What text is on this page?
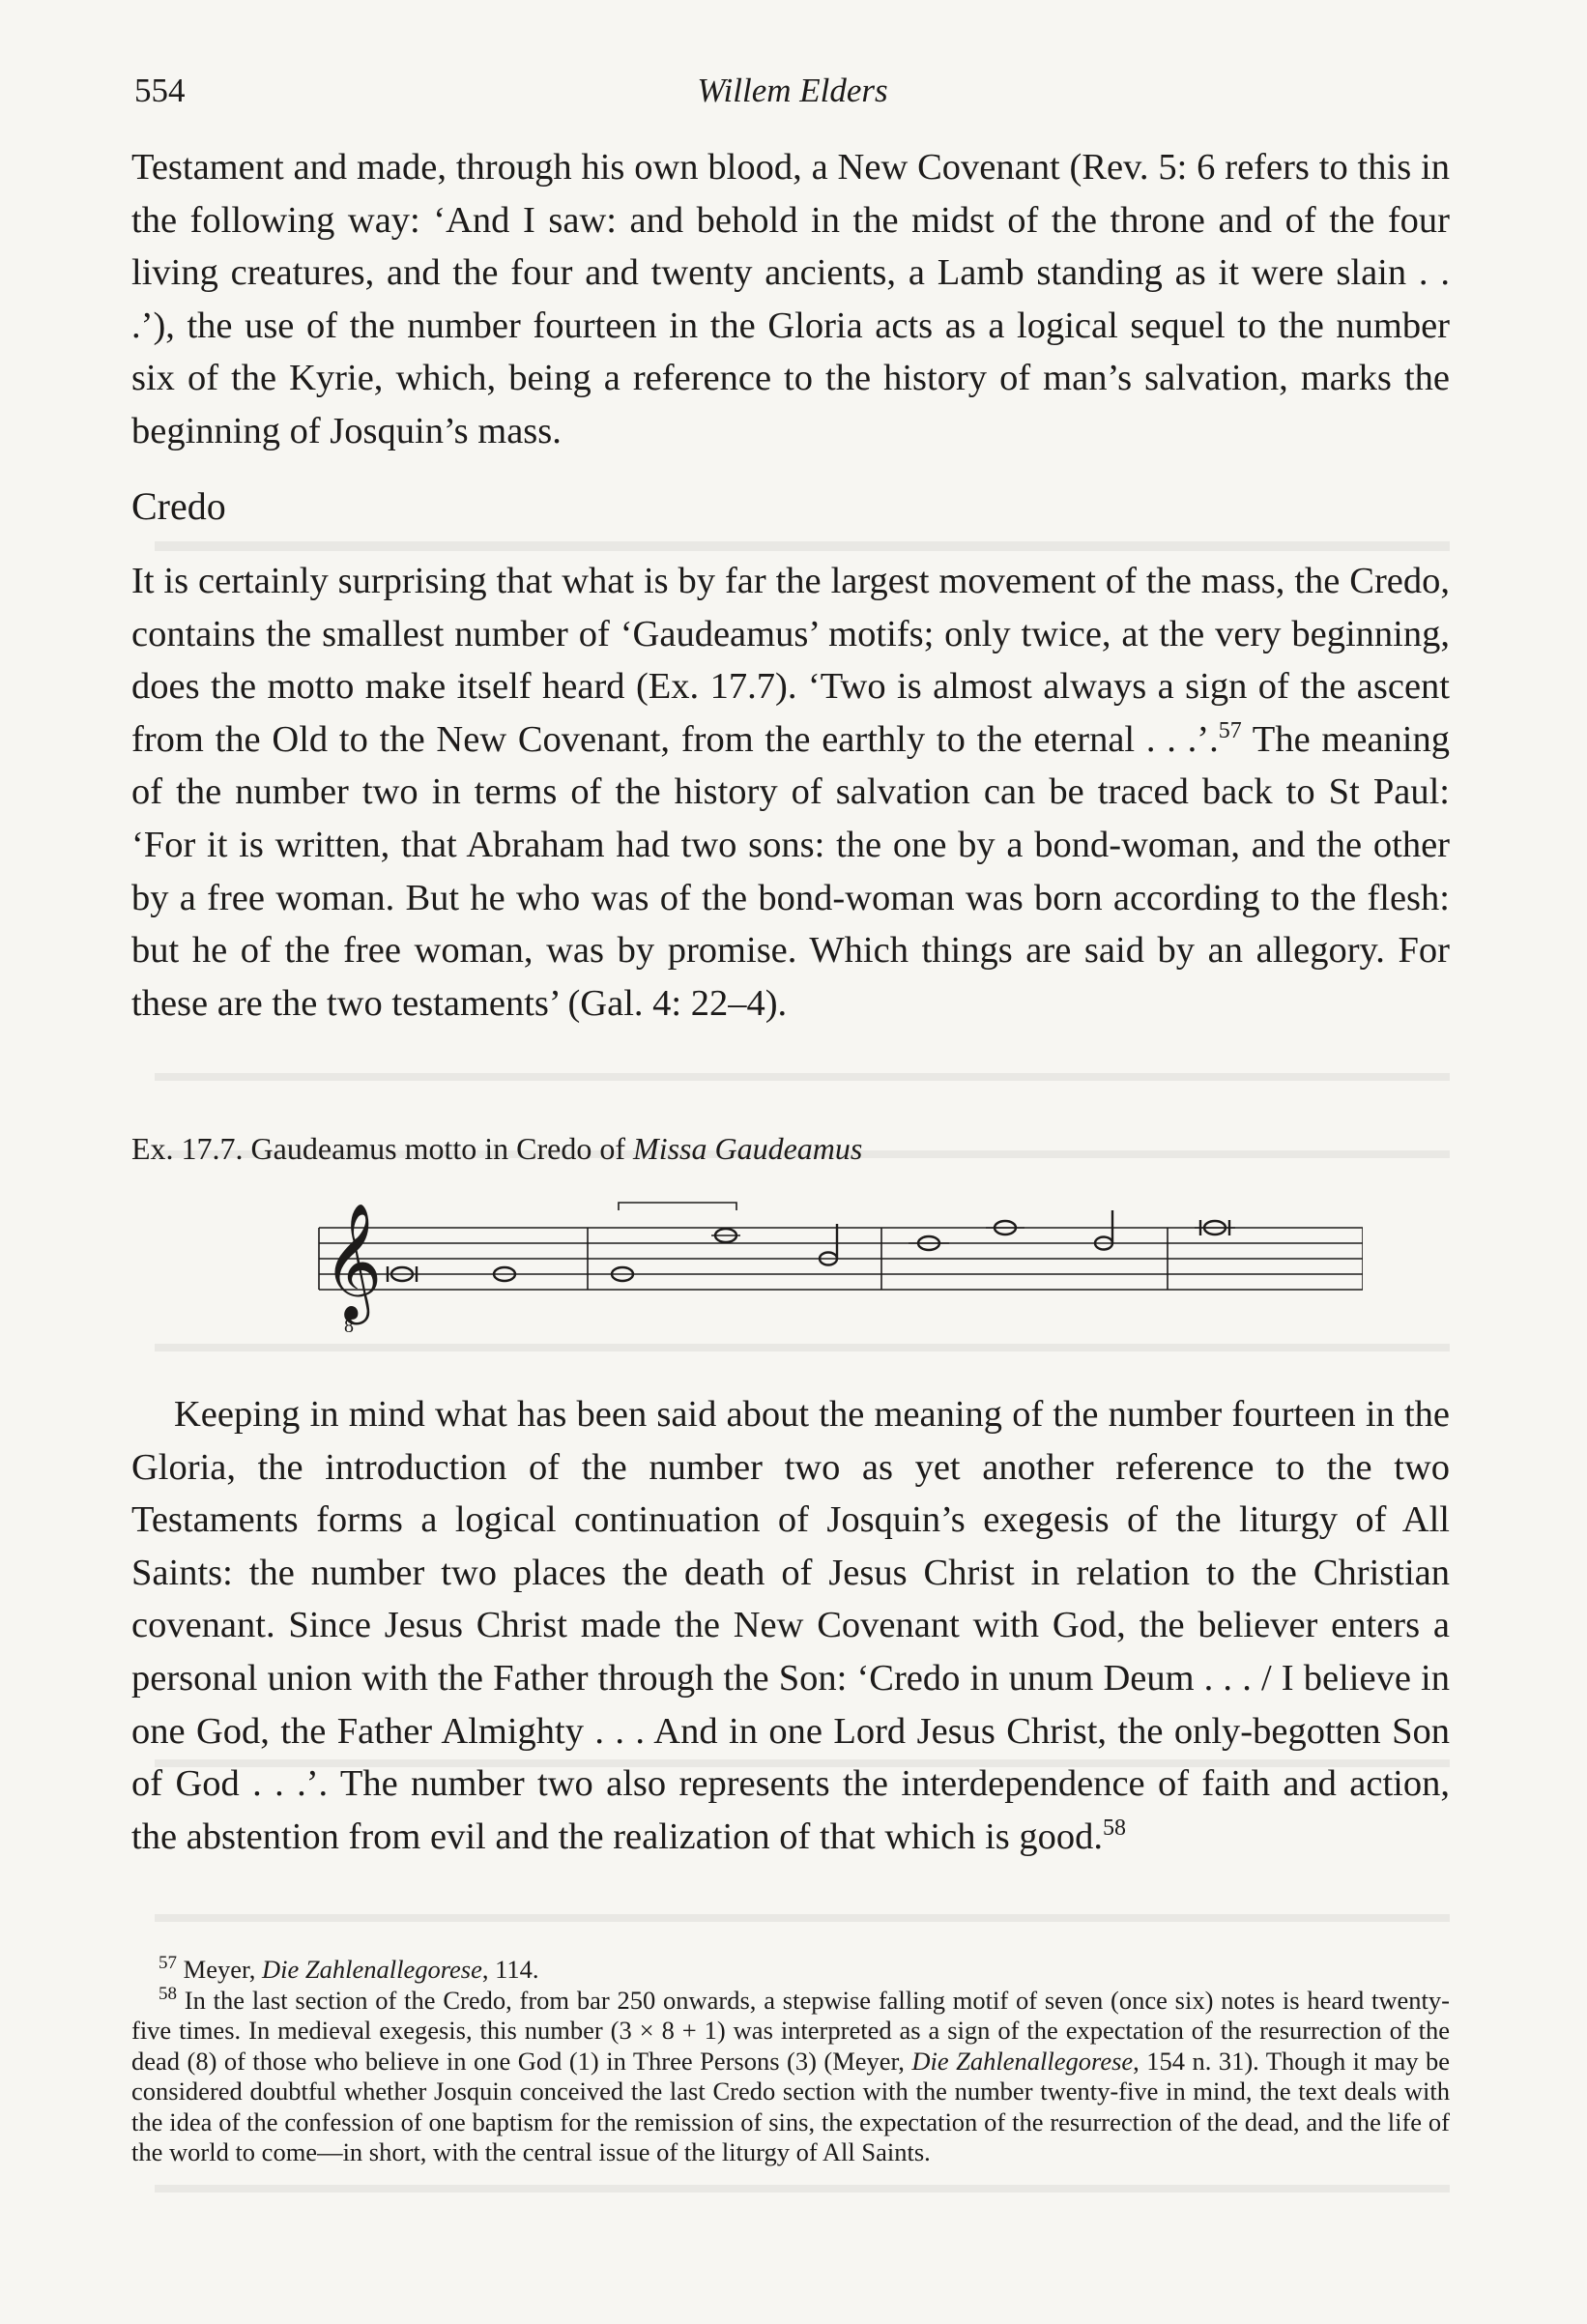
554	Willem Elders

Testament and made, through his own blood, a New Covenant (Rev. 5: 6 refers to this in the following way: ‘And I saw: and behold in the midst of the throne and of the four living creatures, and the four and twenty ancients, a Lamb standing as it were slain . . .’), the use of the number fourteen in the Gloria acts as a logical sequel to the number six of the Kyrie, which, being a reference to the history of man’s salvation, marks the beginning of Josquin’s mass.

Credo

It is certainly surprising that what is by far the largest movement of the mass, the Credo, contains the smallest number of ‘Gaudeamus’ motifs; only twice, at the very beginning, does the motto make itself heard (Ex. 17.7). ‘Two is almost always a sign of the ascent from the Old to the New Covenant, from the earthly to the eternal . . .’.$^{57}$ The meaning of the number two in terms of the history of salvation can be traced back to St Paul: ‘For it is written, that Abraham had two sons: the one by a bond-woman, and the other by a free woman. But he who was of the bond-woman was born according to the flesh: but he of the free woman, was by promise. Which things are said by an allegory. For these are the two testaments’ (Gal. 4: 22–4).

Ex. 17.7. Gaudeamus motto in Credo of Missa Gaudeamus
𝄞
8

Keeping in mind what has been said about the meaning of the number fourteen in the Gloria, the introduction of the number two as yet another reference to the two Testaments forms a logical continuation of Josquin’s exegesis of the liturgy of All Saints: the number two places the death of Jesus Christ in relation to the Christian covenant. Since Jesus Christ made the New Covenant with God, the believer enters a personal union with the Father through the Son: ‘Credo in unum Deum . . . / I believe in one God, the Father Almighty . . . And in one Lord Jesus Christ, the only-begotten Son of God . . .’. The number two also represents the interdependence of faith and action, the abstention from evil and the realization of that which is good.$^{58}$

$^{57}$ Meyer, Die Zahlenallegorese, 114.

$^{58}$ In the last section of the Credo, from bar 250 onwards, a stepwise falling motif of seven (once six) notes is heard twenty-five times. In medieval exegesis, this number (3 × 8 + 1) was interpreted as a sign of the expectation of the resurrection of the dead (8) of those who believe in one God (1) in Three Persons (3) (Meyer, Die Zahlenallegorese, 154 n. 31). Though it may be considered doubtful whether Josquin conceived the last Credo section with the number twenty-five in mind, the text deals with the idea of the confession of one baptism for the remission of sins, the expectation of the resurrection of the dead, and the life of the world to come—in short, with the central issue of the liturgy of All Saints.
